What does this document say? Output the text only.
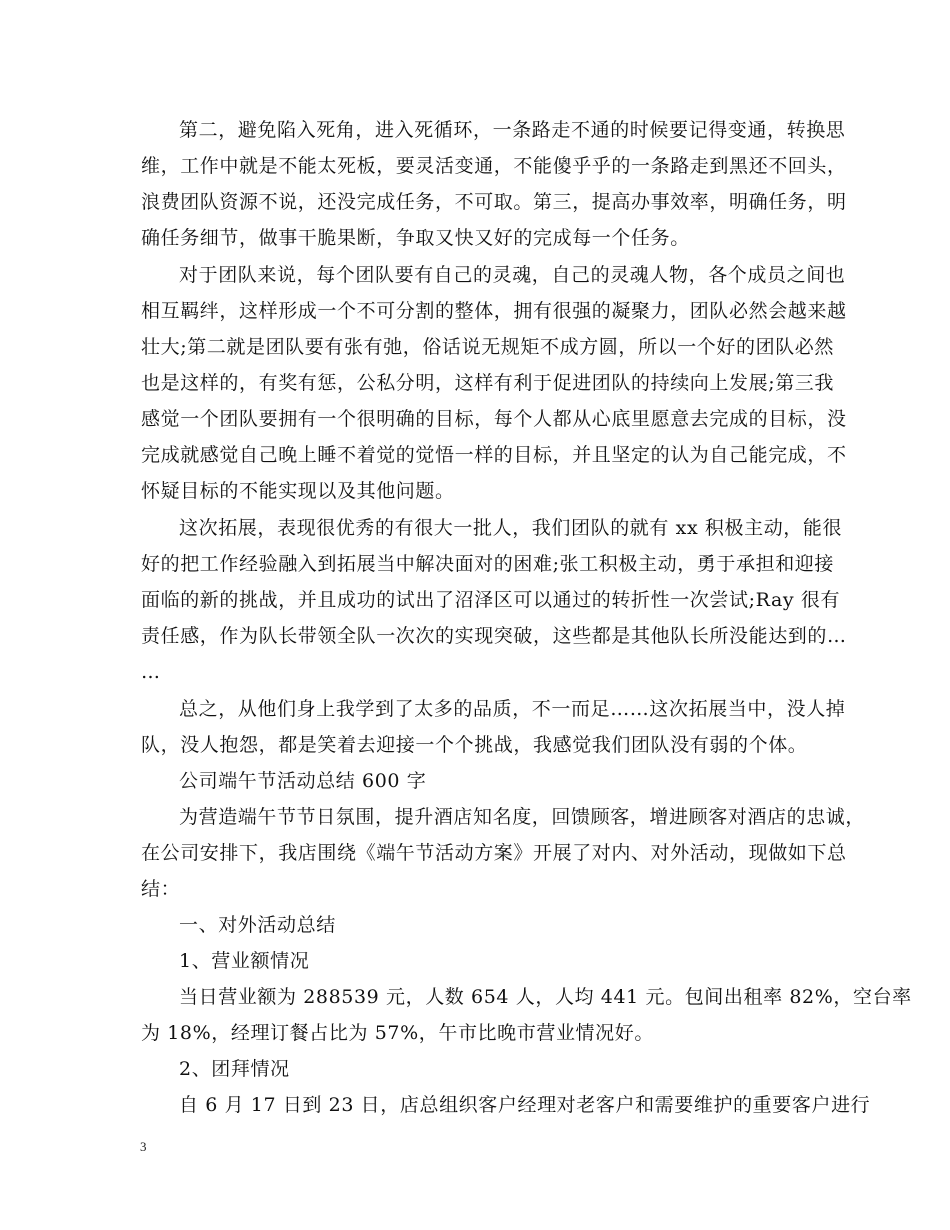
第二，避免陷入死角，进入死循环，一条路走不通的时候要记得变通，转换思
维，工作中就是不能太死板，要灵活变通，不能傻乎乎的一条路走到黑还不回头，
浪费团队资源不说，还没完成任务，不可取。第三，提高办事效率，明确任务，明
确任务细节，做事干脆果断，争取又快又好的完成每一个任务。
对于团队来说，每个团队要有自己的灵魂，自己的灵魂人物，各个成员之间也
相互羁绊，这样形成一个不可分割的整体，拥有很强的凝聚力，团队必然会越来越
壮大;第二就是团队要有张有弛，俗话说无规矩不成方圆，所以一个好的团队必然
也是这样的，有奖有惩，公私分明，这样有利于促进团队的持续向上发展;第三我
感觉一个团队要拥有一个很明确的目标，每个人都从心底里愿意去完成的目标，没
完成就感觉自己晚上睡不着觉的觉悟一样的目标，并且坚定的认为自己能完成，不
怀疑目标的不能实现以及其他问题。
这次拓展，表现很优秀的有很大一批人，我们团队的就有 xx 积极主动，能很
好的把工作经验融入到拓展当中解决面对的困难;张工积极主动，勇于承担和迎接
面临的新的挑战，并且成功的试出了沼泽区可以通过的转折性一次尝试;Ray 很有
责任感，作为队长带领全队一次次的实现突破，这些都是其他队长所没能达到的…
…
总之，从他们身上我学到了太多的品质，不一而足……这次拓展当中，没人掉
队，没人抱怨，都是笑着去迎接一个个挑战，我感觉我们团队没有弱的个体。
公司端午节活动总结 600 字
为营造端午节节日氛围，提升酒店知名度，回馈顾客，增进顾客对酒店的忠诚，
在公司安排下，我店围绕《端午节活动方案》开展了对内、对外活动，现做如下总
结：
一、对外活动总结
1、营业额情况
当日营业额为 288539 元，人数 654 人，人均 441 元。包间出租率 82%，空台率
为 18%，经理订餐占比为 57%，午市比晚市营业情况好。
2、团拜情况
自 6 月 17 日到 23 日，店总组织客户经理对老客户和需要维护的重要客户进行
3
